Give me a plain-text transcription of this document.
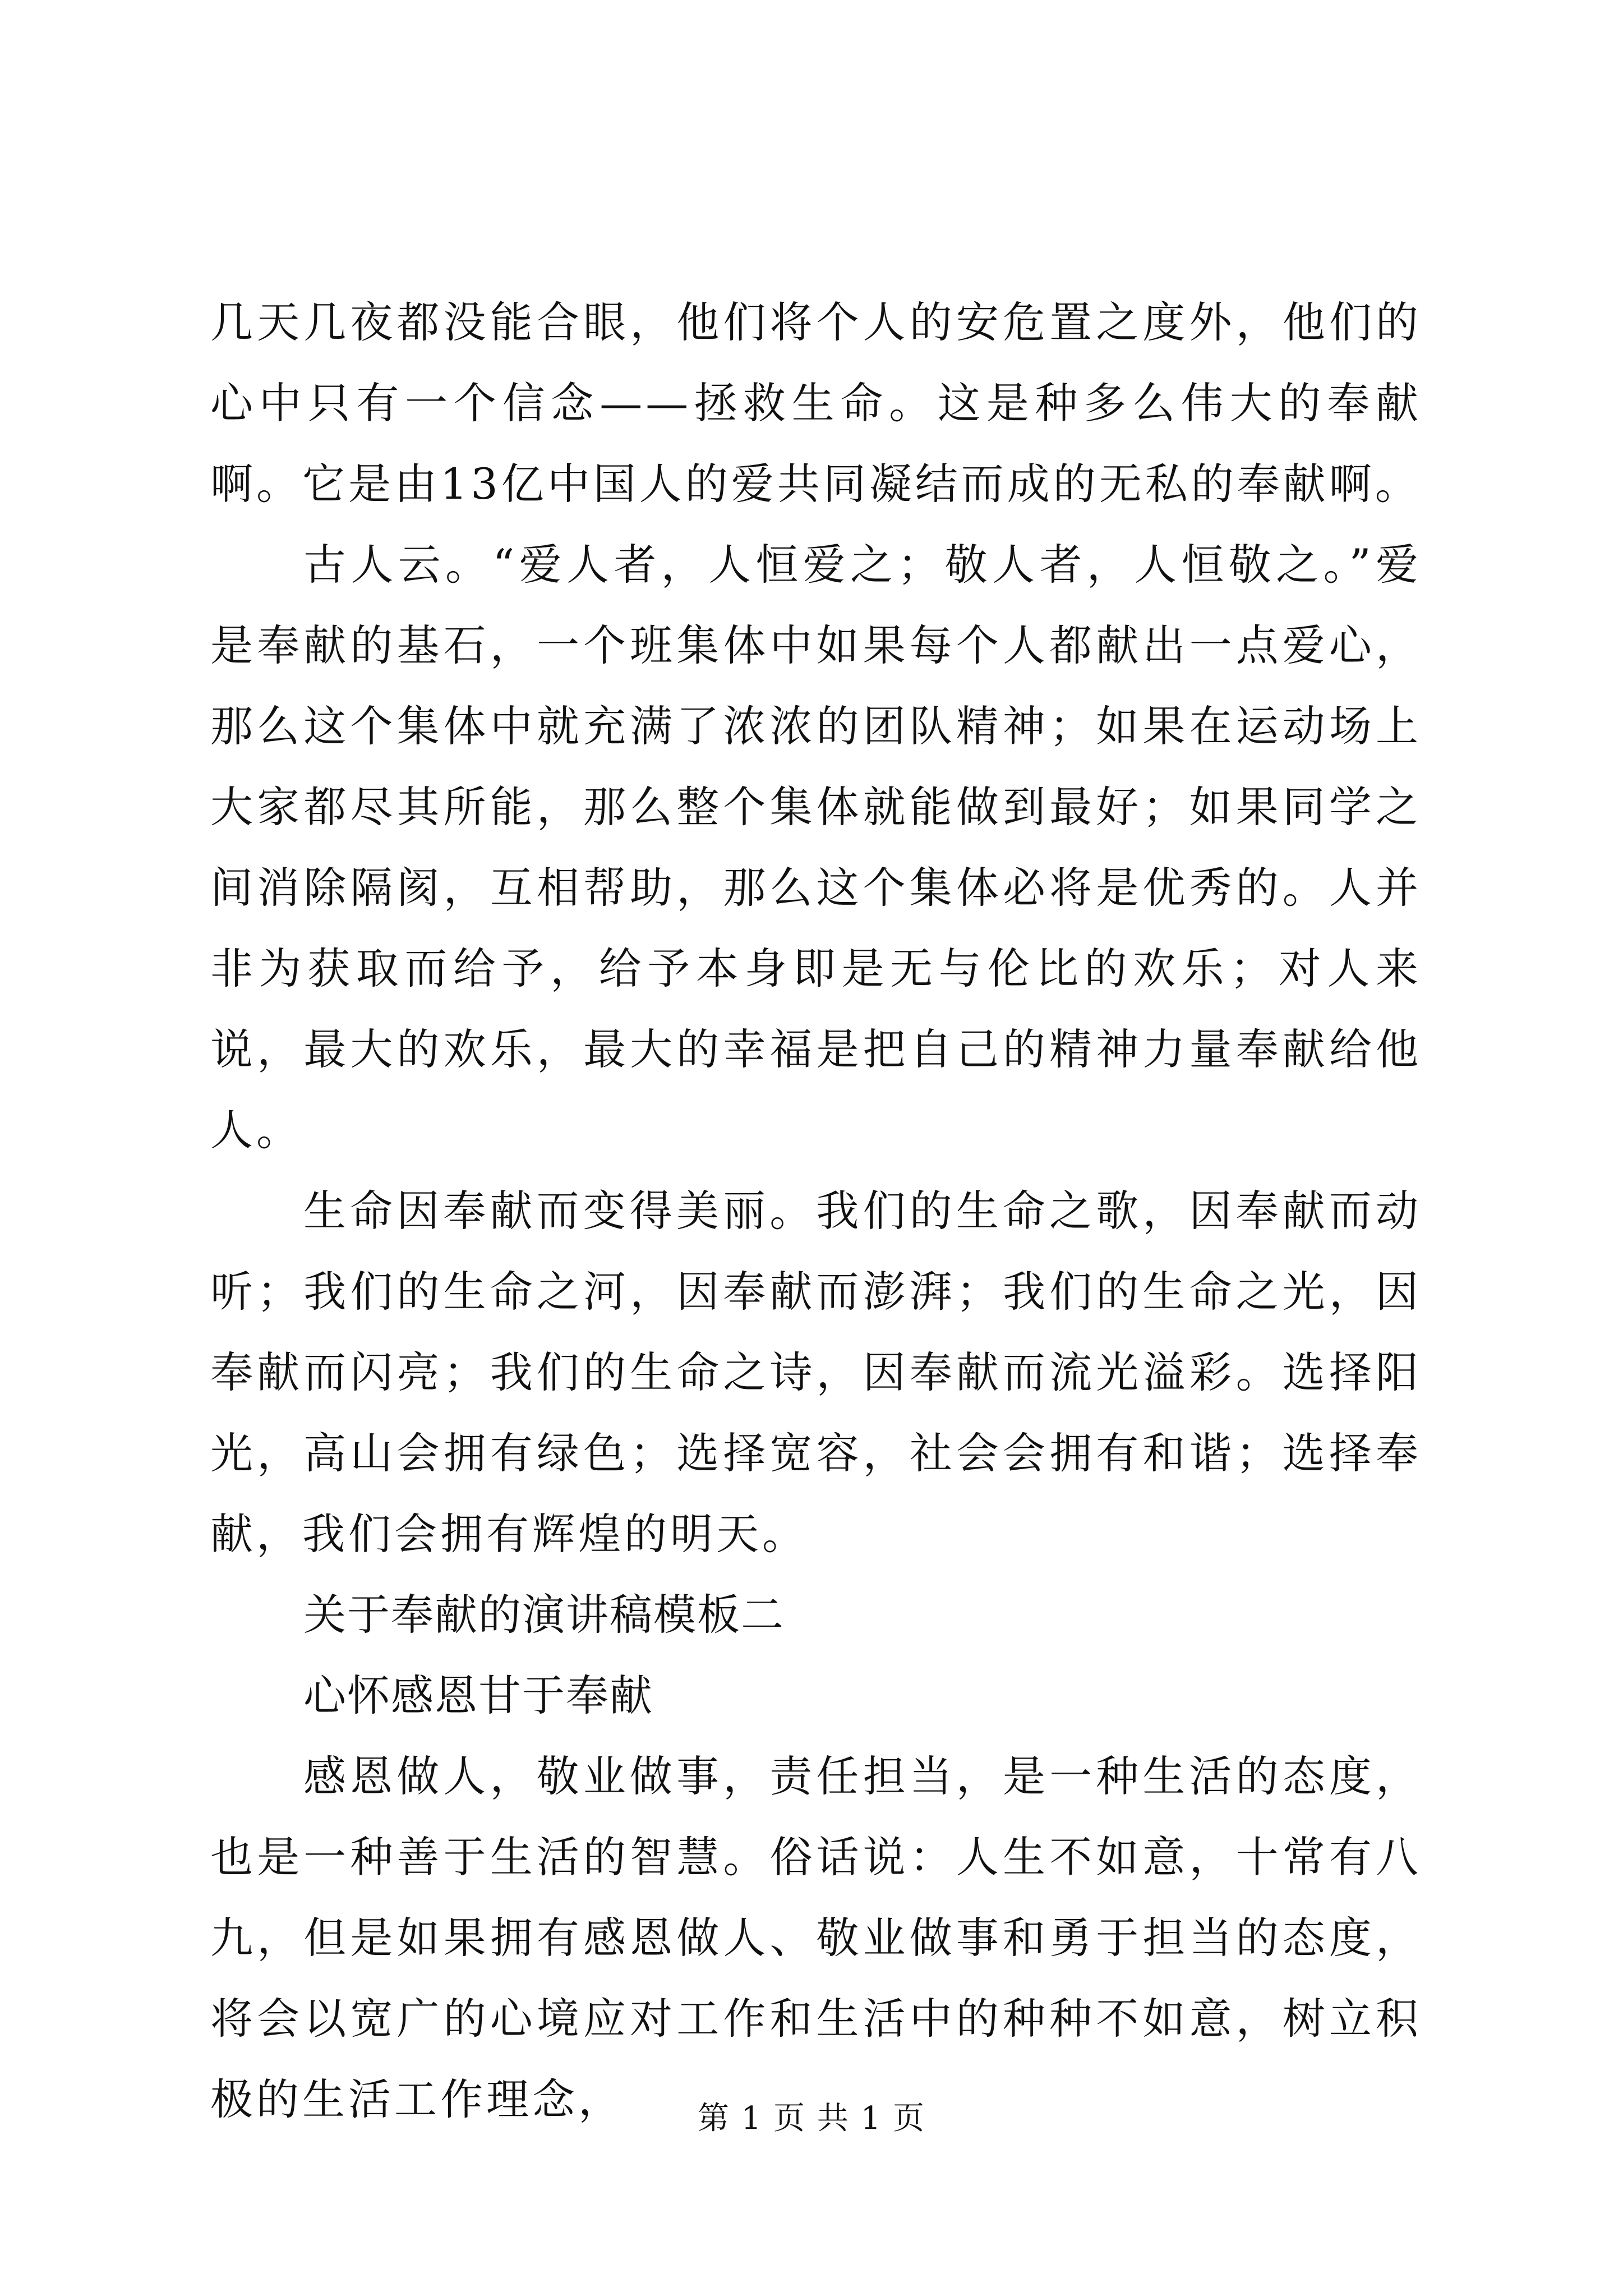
几天几夜都没能合眼，他们将个人的安危置之度外，他们的心中只有一个信念——拯救生命。这是种多么伟大的奉献啊。它是由13亿中国人的爱共同凝结而成的无私的奉献啊。

古人云。“爱人者，人恒爱之；敬人者，人恒敬之。”爱是奉献的基石，一个班集体中如果每个人都献出一点爱心，那么这个集体中就充满了浓浓的团队精神；如果在运动场上大家都尽其所能，那么整个集体就能做到最好；如果同学之间消除隔阂，互相帮助，那么这个集体必将是优秀的。人并非为获取而给予，给予本身即是无与伦比的欢乐；对人来说，最大的欢乐，最大的幸福是把自己的精神力量奉献给他人。

生命因奉献而变得美丽。我们的生命之歌，因奉献而动听；我们的生命之河，因奉献而澎湃；我们的生命之光，因奉献而闪亮；我们的生命之诗，因奉献而流光溢彩。选择阳光，高山会拥有绿色；选择宽容，社会会拥有和谐；选择奉献，我们会拥有辉煌的明天。

关于奉献的演讲稿模板二

心怀感恩甘于奉献

感恩做人，敬业做事，责任担当，是一种生活的态度，也是一种善于生活的智慧。俗话说：人生不如意，十常有八九，但是如果拥有感恩做人、敬业做事和勇于担当的态度，将会以宽广的心境应对工作和生活中的种种不如意，树立积极的生活工作理念，	第 1 页 共 1 页
